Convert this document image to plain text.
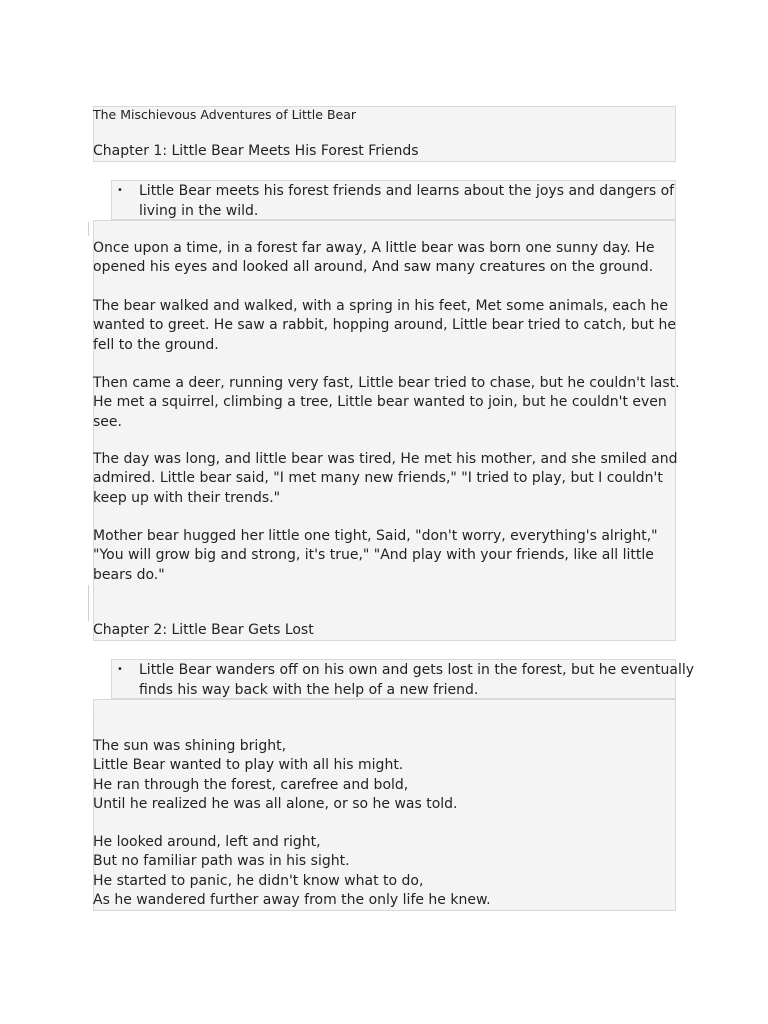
The Mischievous Adventures of Little Bear
Chapter 1: Little Bear Meets His Forest Friends
• Little Bear meets his forest friends and learns about the joys and dangers of
living in the wild.
Once upon a time, in a forest far away, A little bear was born one sunny day. He
opened his eyes and looked all around, And saw many creatures on the ground.
The bear walked and walked, with a spring in his feet, Met some animals, each he
wanted to greet. He saw a rabbit, hopping around, Little bear tried to catch, but he
fell to the ground.
Then came a deer, running very fast, Little bear tried to chase, but he couldn't last.
He met a squirrel, climbing a tree, Little bear wanted to join, but he couldn't even
see.
The day was long, and little bear was tired, He met his mother, and she smiled and
admired. Little bear said, "I met many new friends," "I tried to play, but I couldn't
keep up with their trends."
Mother bear hugged her little one tight, Said, "don't worry, everything's alright,"
"You will grow big and strong, it's true," "And play with your friends, like all little
bears do."
Chapter 2: Little Bear Gets Lost
• Little Bear wanders off on his own and gets lost in the forest, but he eventually
finds his way back with the help of a new friend.
The sun was shining bright,
Little Bear wanted to play with all his might.
He ran through the forest, carefree and bold,
Until he realized he was all alone, or so he was told.
He looked around, left and right,
But no familiar path was in his sight.
He started to panic, he didn't know what to do,
As he wandered further away from the only life he knew.
